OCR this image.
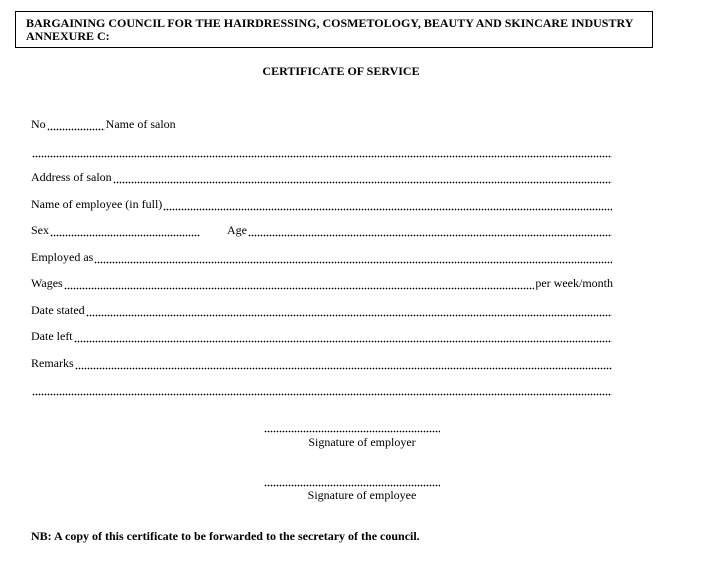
BARGAINING COUNCIL FOR THE HAIRDRESSING, COSMETOLOGY, BEAUTY AND SKINCARE INDUSTRY
ANNEXURE C:
CERTIFICATE OF SERVICE
No	Name of salon
Address of salon
Name of employee (in full)
Sex	Age
Employed as
Wages	per week/month
Date stated
Date left
Remarks
Signature of employer
Signature of employee
NB: A copy of this certificate to be forwarded to the secretary of the council.
